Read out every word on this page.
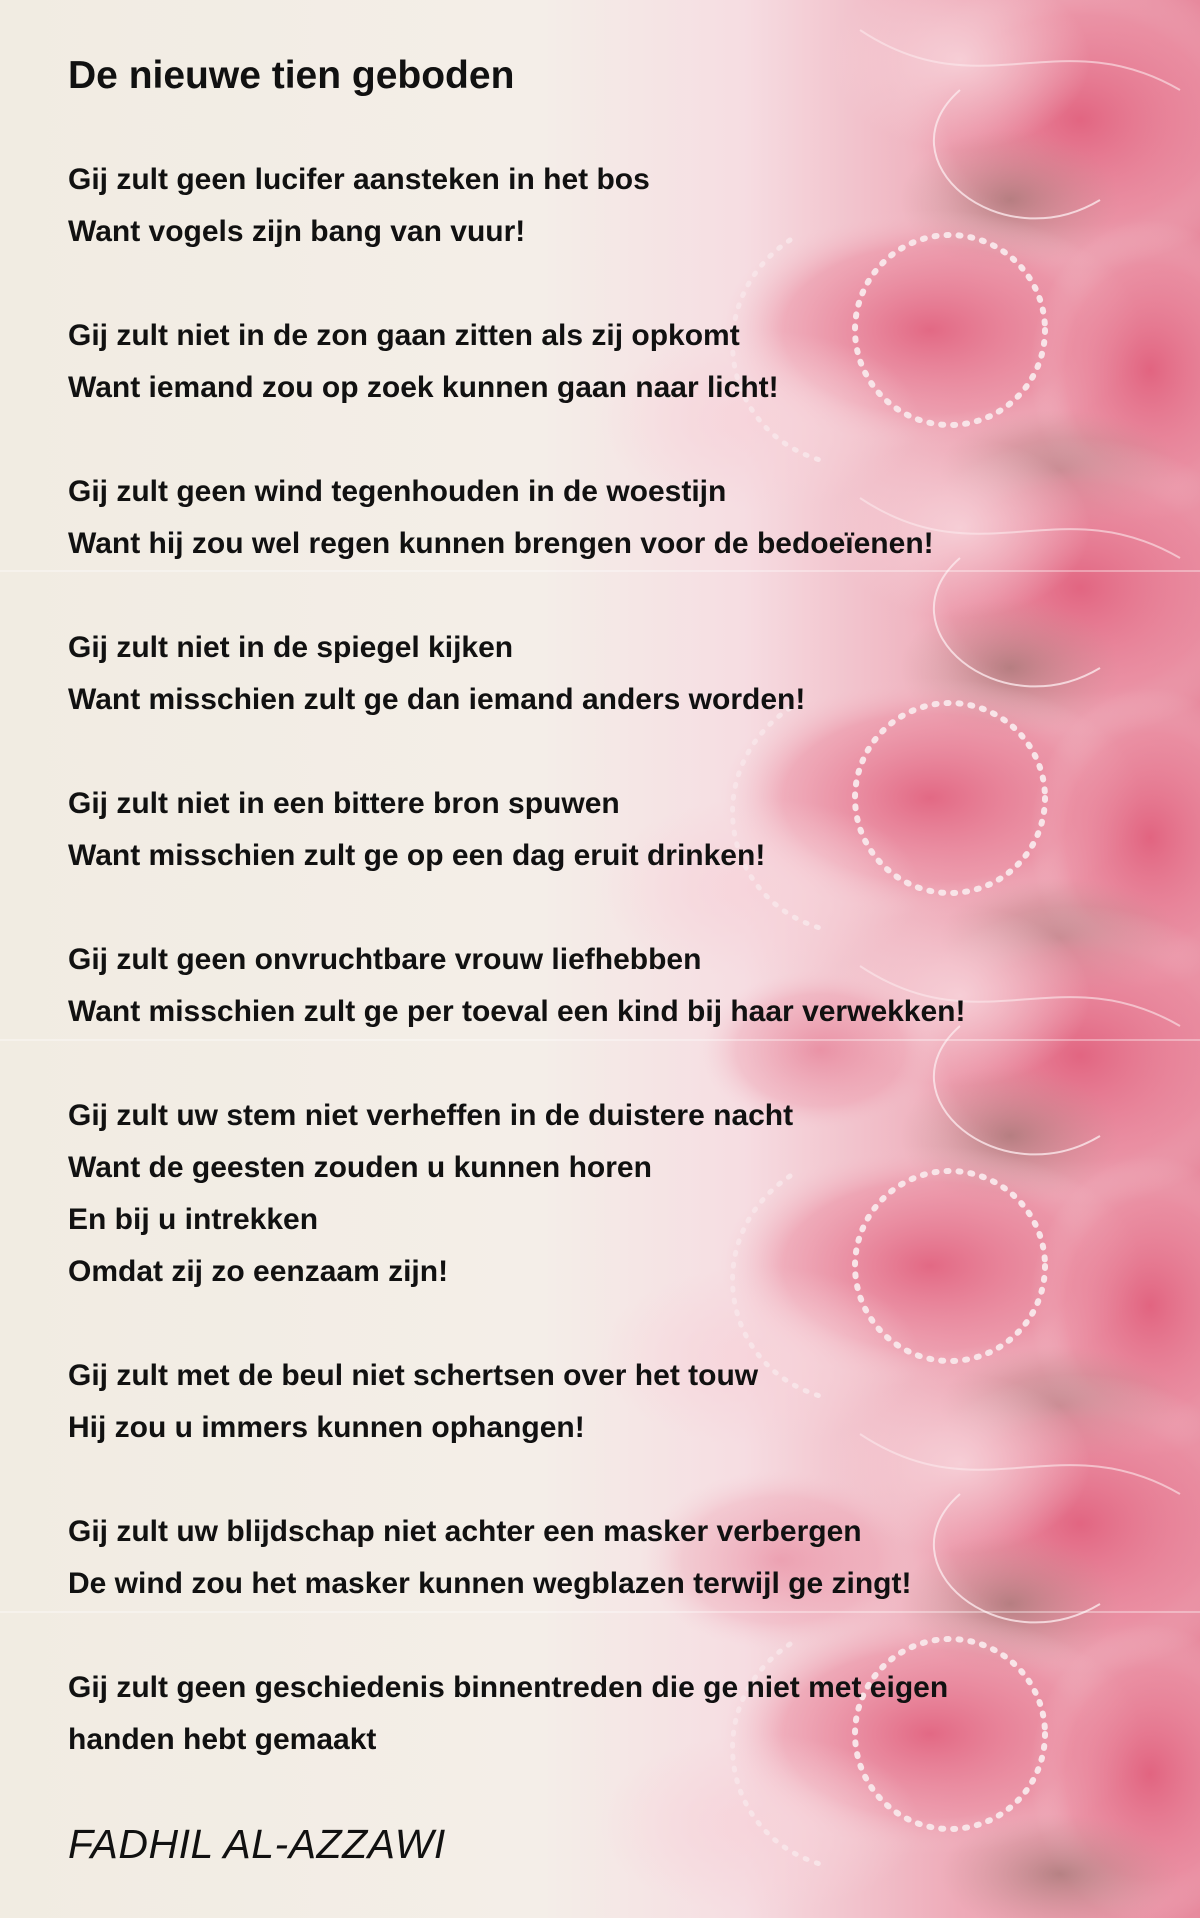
De nieuwe tien geboden
Gij zult geen lucifer aansteken in het bos
Want vogels zijn bang van vuur!
Gij zult niet in de zon gaan zitten als zij opkomt
Want iemand zou op zoek kunnen gaan naar licht!
Gij zult geen wind tegenhouden in de woestijn
Want hij zou wel regen kunnen brengen voor de bedoeïenen!
Gij zult niet in de spiegel kijken
Want misschien zult ge dan iemand anders worden!
Gij zult niet in een bittere bron spuwen
Want misschien zult ge op een dag eruit drinken!
Gij zult geen onvruchtbare vrouw liefhebben
Want misschien zult ge per toeval een kind bij haar verwekken!
Gij zult uw stem niet verheffen in de duistere nacht
Want de geesten zouden u kunnen horen
En bij u intrekken
Omdat zij zo eenzaam zijn!
Gij zult met de beul niet schertsen over het touw
Hij zou u immers kunnen ophangen!
Gij zult uw blijdschap niet achter een masker verbergen
De wind zou het masker kunnen wegblazen terwijl ge zingt!
Gij zult geen geschiedenis binnentreden die ge niet met eigen
handen hebt gemaakt
FADHIL AL-AZZAWI
